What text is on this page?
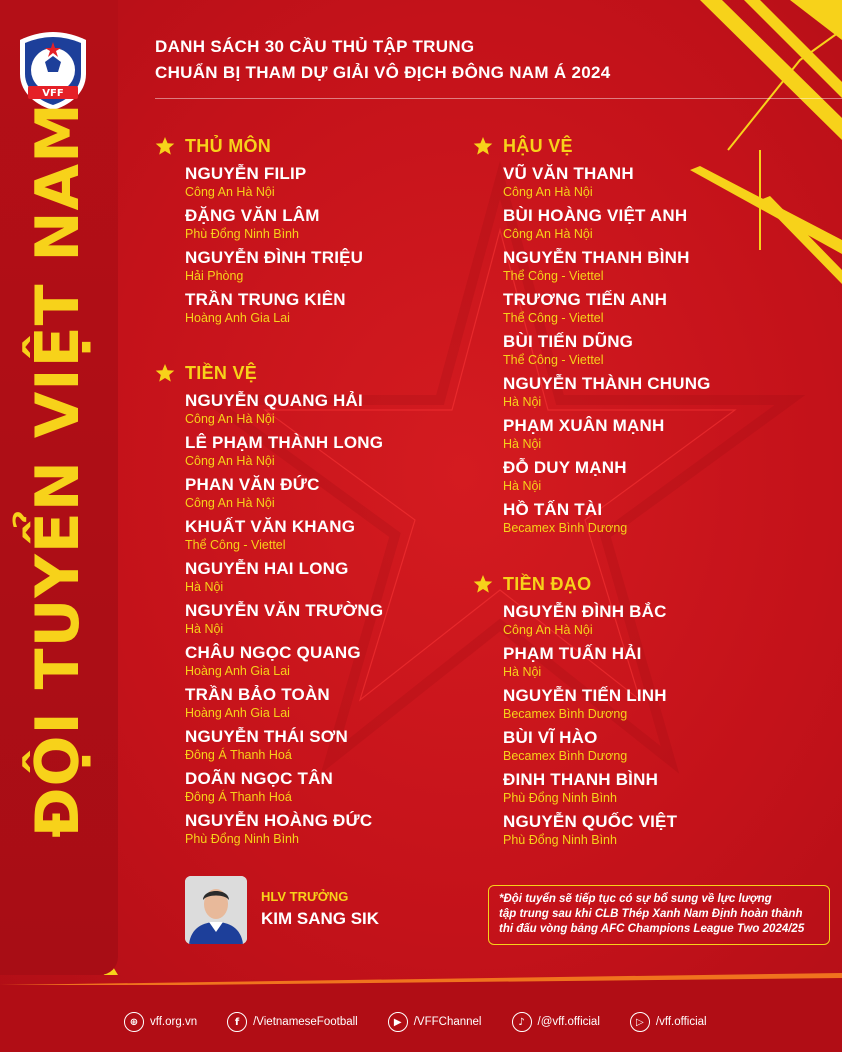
VFF
ĐỘI TUYỂN VIỆT NAM
DANH SÁCH 30 CẦU THỦ TẬP TRUNG
CHUẨN BỊ THAM DỰ GIẢI VÔ ĐỊCH ĐÔNG NAM Á 2024
THỦ MÔN
NGUYỄN FILIP
Công An Hà Nội
ĐẶNG VĂN LÂM
Phù Đổng Ninh Bình
NGUYỄN ĐÌNH TRIỆU
Hải Phòng
TRẦN TRUNG KIÊN
Hoàng Anh Gia Lai
TIỀN VỆ
NGUYỄN QUANG HẢI
Công An Hà Nội
LÊ PHẠM THÀNH LONG
Công An Hà Nội
PHAN VĂN ĐỨC
Công An Hà Nội
KHUẤT VĂN KHANG
Thể Công - Viettel
NGUYỄN HAI LONG
Hà Nội
NGUYỄN VĂN TRƯỜNG
Hà Nội
CHÂU NGỌC QUANG
Hoàng Anh Gia Lai
TRẦN BẢO TOÀN
Hoàng Anh Gia Lai
NGUYỄN THÁI SƠN
Đông Á Thanh Hoá
DOÃN NGỌC TÂN
Đông Á Thanh Hoá
NGUYỄN HOÀNG ĐỨC
Phù Đổng Ninh Bình
HẬU VỆ
VŨ VĂN THANH
Công An Hà Nội
BÙI HOÀNG VIỆT ANH
Công An Hà Nội
NGUYỄN THANH BÌNH
Thể Công - Viettel
TRƯƠNG TIẾN ANH
Thể Công - Viettel
BÙI TIẾN DŨNG
Thể Công - Viettel
NGUYỄN THÀNH CHUNG
Hà Nội
PHẠM XUÂN MẠNH
Hà Nội
ĐỖ DUY MẠNH
Hà Nội
HỒ TẤN TÀI
Becamex Bình Dương
TIỀN ĐẠO
NGUYỄN ĐÌNH BẮC
Công An Hà Nội
PHẠM TUẤN HẢI
Hà Nội
NGUYỄN TIẾN LINH
Becamex Bình Dương
BÙI VĨ HÀO
Becamex Bình Dương
ĐINH THANH BÌNH
Phù Đổng Ninh Bình
NGUYỄN QUỐC VIỆT
Phù Đổng Ninh Bình
HLV TRƯỞNG
KIM SANG SIK
*Đội tuyển sẽ tiếp tục có sự bổ sung về lực lượng
tập trung sau khi CLB Thép Xanh Nam Định hoàn thành
thi đấu vòng bảng AFC Champions League Two 2024/25
⊕	vff.org.vn	f	/VietnameseFootball	▶	/VFFChannel	♪	/@vff.official	▷	/vff.official
